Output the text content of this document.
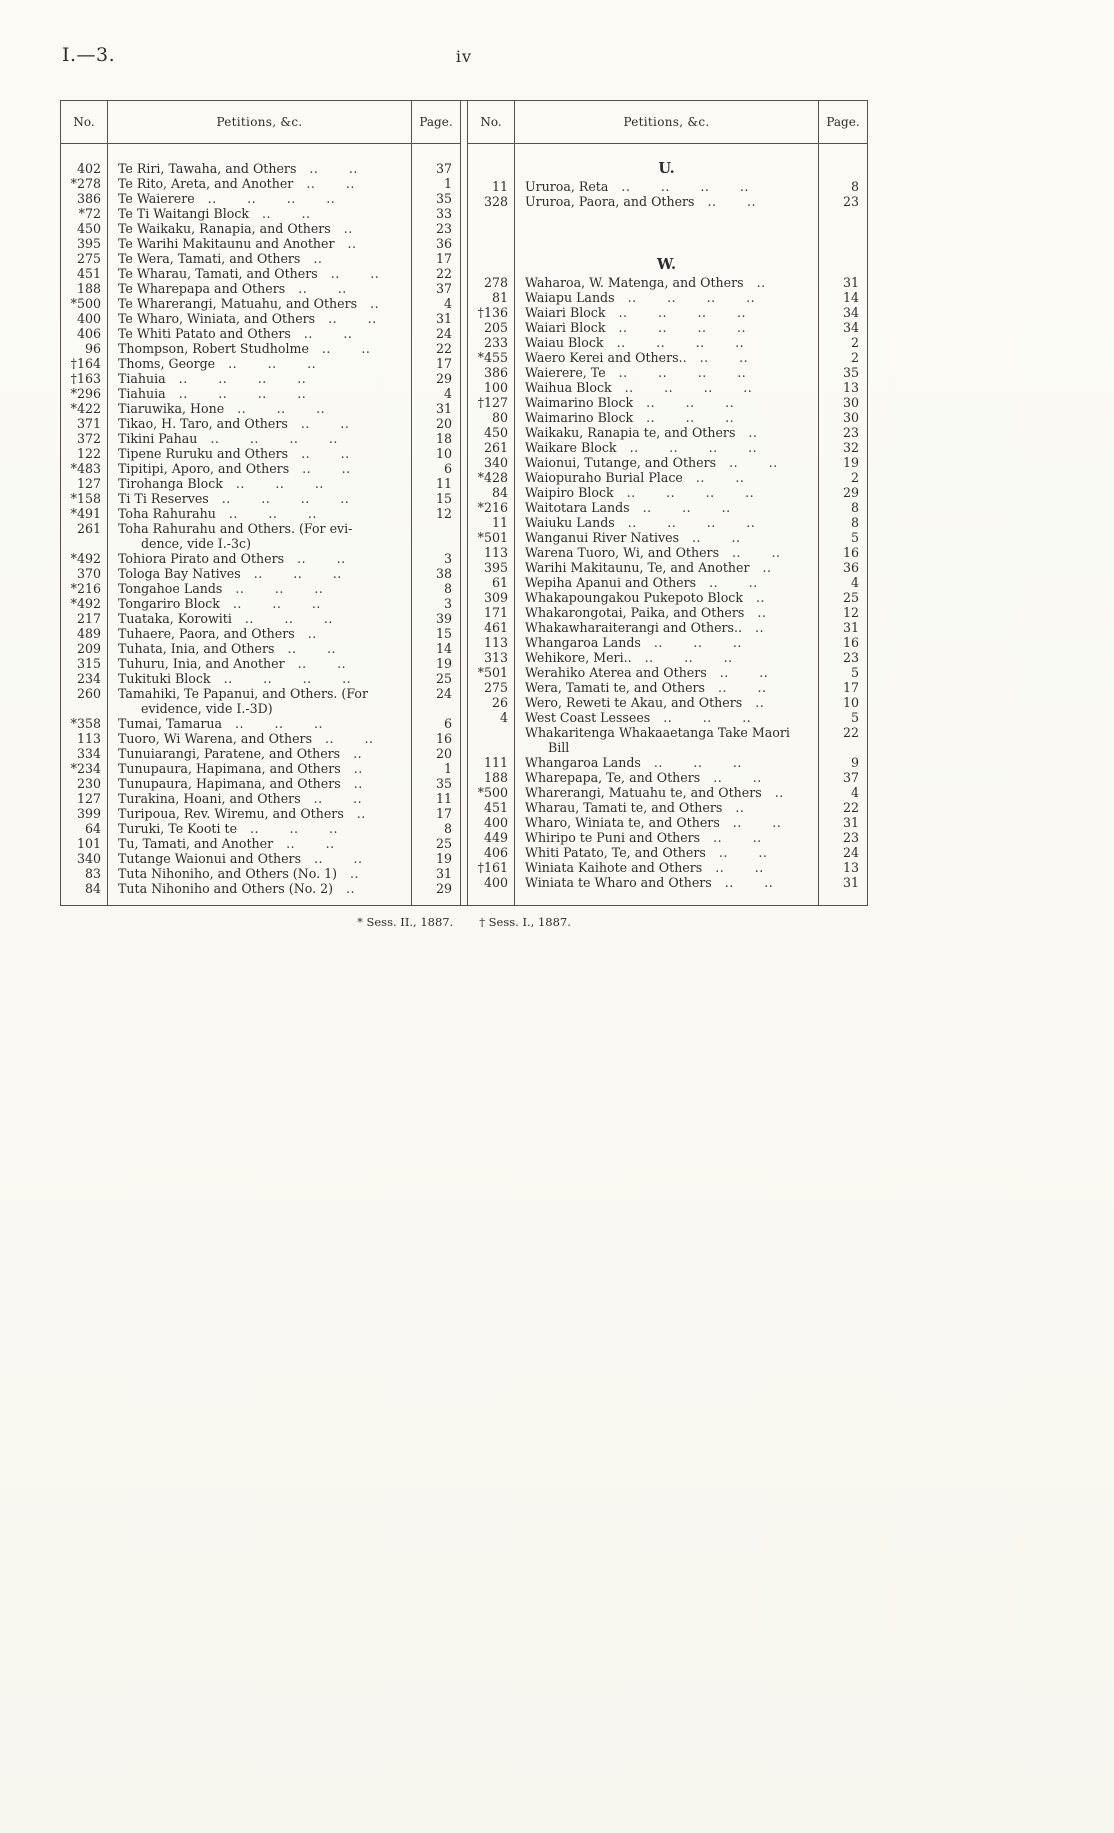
I.—3.	iv
No.	Petitions, &c.	Page.
402	Te Riri, Tawaha, and Others .. ..	37
*278	Te Rito, Areta, and Another .. ..	1
386	Te Waierere .. .. .. ..	35
*72	Te Ti Waitangi Block .. ..	33
450	Te Waikaku, Ranapia, and Others ..	23
395	Te Warihi Makitaunu and Another ..	36
275	Te Wera, Tamati, and Others ..	17
451	Te Wharau, Tamati, and Others .. ..	22
188	Te Wharepapa and Others .. ..	37
*500	Te Wharerangi, Matuahu, and Others ..	4
400	Te Wharo, Winiata, and Others .. ..	31
406	Te Whiti Patato and Others .. ..	24
96	Thompson, Robert Studholme .. ..	22
†164	Thoms, George .. .. ..	17
†163	Tiahuia .. .. .. ..	29
*296	Tiahuia .. .. .. ..	4
*422	Tiaruwika, Hone .. .. ..	31
371	Tikao, H. Taro, and Others .. ..	20
372	Tikini Pahau .. .. .. ..	18
122	Tipene Ruruku and Others .. ..	10
*483	Tipitipi, Aporo, and Others .. ..	6
127	Tirohanga Block .. .. ..	11
*158	Ti Ti Reserves .. .. .. ..	15
*491	Toha Rahurahu .. .. ..	12
261	Toha Rahurahu and Others. (For evi-
dence, vide I.-3c)
*492	Tohiora Pirato and Others .. ..	3
370	Tologa Bay Natives .. .. ..	38
*216	Tongahoe Lands .. .. ..	8
*492	Tongariro Block .. .. ..	3
217	Tuataka, Korowiti .. .. ..	39
489	Tuhaere, Paora, and Others ..	15
209	Tuhata, Inia, and Others .. ..	14
315	Tuhuru, Inia, and Another .. ..	19
234	Tukituki Block .. .. .. ..	25
260	Tamahiki, Te Papanui, and Others. (For	24
evidence, vide I.-3D)
*358	Tumai, Tamarua .. .. ..	6
113	Tuoro, Wi Warena, and Others .. ..	16
334	Tunuiarangi, Paratene, and Others ..	20
*234	Tunupaura, Hapimana, and Others ..	1
230	Tunupaura, Hapimana, and Others ..	35
127	Turakina, Hoani, and Others .. ..	11
399	Turipoua, Rev. Wiremu, and Others ..	17
64	Turuki, Te Kooti te .. .. ..	8
101	Tu, Tamati, and Another .. ..	25
340	Tutange Waionui and Others .. ..	19
83	Tuta Nihoniho, and Others (No. 1) ..	31
84	Tuta Nihoniho and Others (No. 2) ..	29
No.	Petitions, &c.	Page.
U.
11	Ururoa, Reta .. .. .. ..	8
328	Ururoa, Paora, and Others .. ..	23
W.
278	Waharoa, W. Matenga, and Others ..	31
81	Waiapu Lands .. .. .. ..	14
†136	Waiari Block .. .. .. ..	34
205	Waiari Block .. .. .. ..	34
233	Waiau Block .. .. .. ..	2
*455	Waero Kerei and Others.. .. ..	2
386	Waierere, Te .. .. .. ..	35
100	Waihua Block .. .. .. ..	13
†127	Waimarino Block .. .. ..	30
80	Waimarino Block .. .. ..	30
450	Waikaku, Ranapia te, and Others ..	23
261	Waikare Block .. .. .. ..	32
340	Waionui, Tutange, and Others .. ..	19
*428	Waiopuraho Burial Place .. ..	2
84	Waipiro Block .. .. .. ..	29
*216	Waitotara Lands .. .. ..	8
11	Waiuku Lands .. .. .. ..	8
*501	Wanganui River Natives .. ..	5
113	Warena Tuoro, Wi, and Others .. ..	16
395	Warihi Makitaunu, Te, and Another ..	36
61	Wepiha Apanui and Others .. ..	4
309	Whakapoungakou Pukepoto Block ..	25
171	Whakarongotai, Paika, and Others ..	12
461	Whakawharaiterangi and Others.. ..	31
113	Whangaroa Lands .. .. ..	16
313	Wehikore, Meri.. .. .. ..	23
*501	Werahiko Aterea and Others .. ..	5
275	Wera, Tamati te, and Others .. ..	17
26	Wero, Reweti te Akau, and Others ..	10
4	West Coast Lessees .. .. ..	5
Whakaritenga Whakaaetanga Take Maori	22
Bill
111	Whangaroa Lands .. .. ..	9
188	Wharepapa, Te, and Others .. ..	37
*500	Wharerangi, Matuahu te, and Others ..	4
451	Wharau, Tamati te, and Others ..	22
400	Wharo, Winiata te, and Others .. ..	31
449	Whiripo te Puni and Others .. ..	23
406	Whiti Patato, Te, and Others .. ..	24
†161	Winiata Kaihote and Others .. ..	13
400	Winiata te Wharo and Others .. ..	31
* Sess. II., 1887. † Sess. I., 1887.
